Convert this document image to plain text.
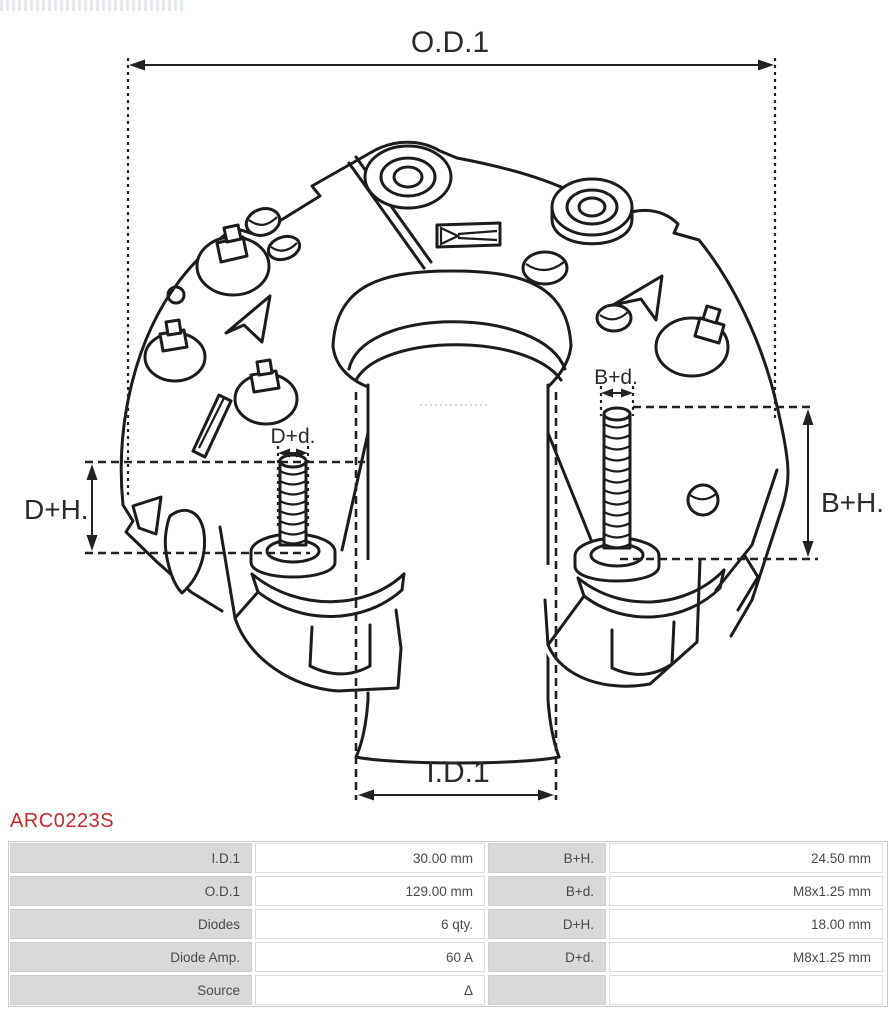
O.D.1
I.D.1
D+H.	B+H.
D+d.
B+d.
ARC0223S
I.D.1	30.00 mm	B+H.	24.50 mm
O.D.1	129.00 mm	B+d.	M8x1.25 mm
Diodes	6 qty.	D+H.	18.00 mm
Diode Amp.	60 A	D+d.	M8x1.25 mm
Source	Δ
